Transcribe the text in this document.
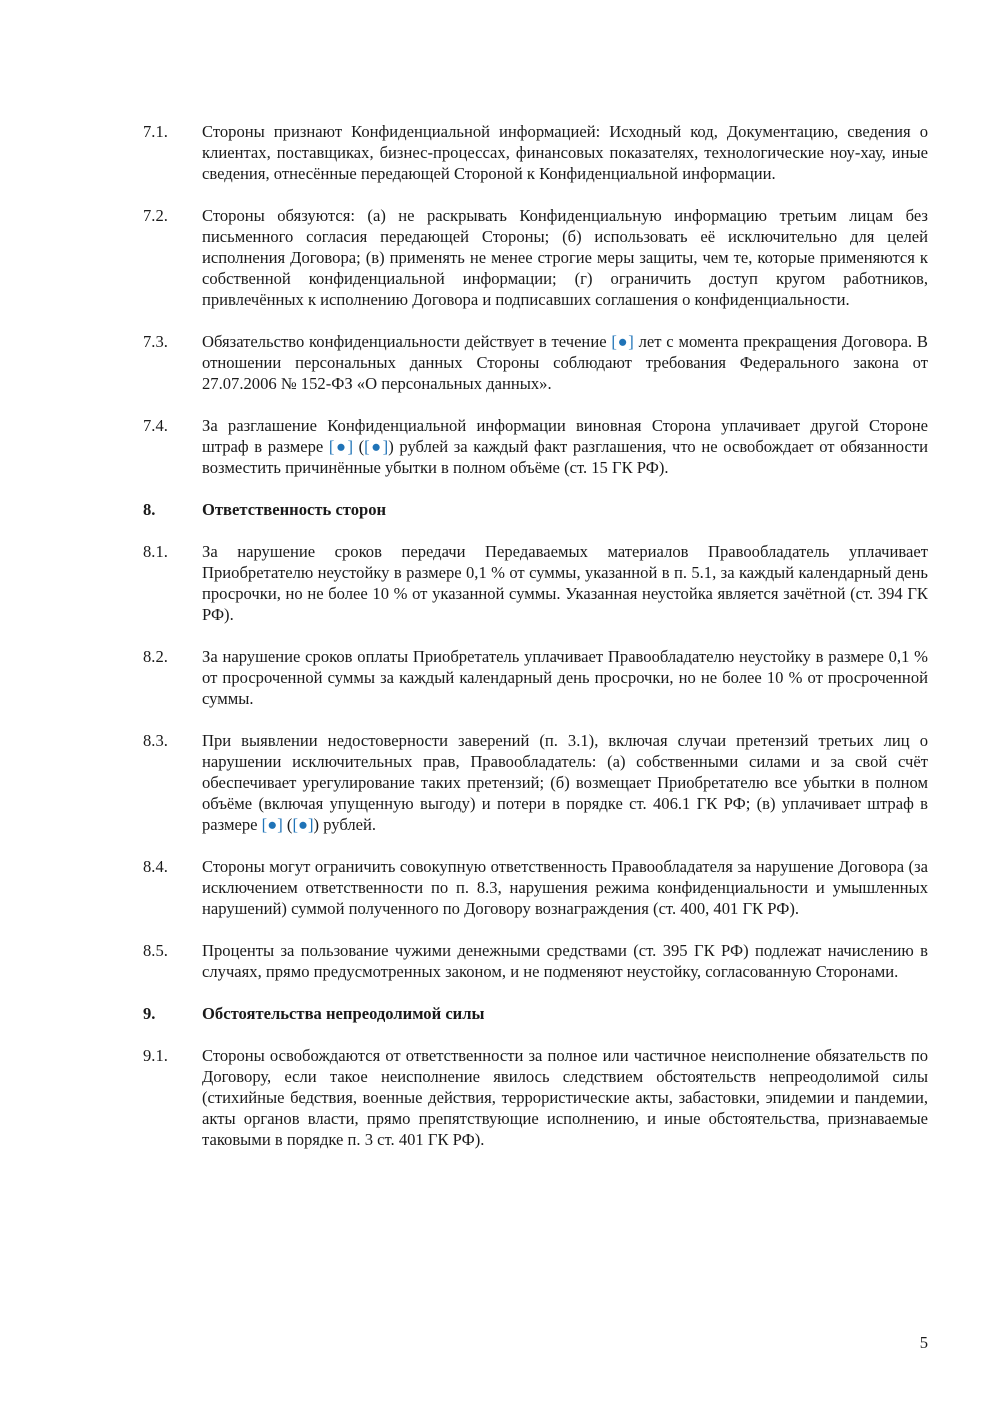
7.1.	Стороны признают Конфиденциальной информацией: Исходный код, Документацию, сведения о клиентах, поставщиках, бизнес-процессах, финансовых показателях, технологические ноу-хау, иные сведения, отнесённые передающей Стороной к Конфиденциальной информации.
7.2.	Стороны обязуются: (а) не раскрывать Конфиденциальную информацию третьим лицам без письменного согласия передающей Стороны; (б) использовать её исключительно для целей исполнения Договора; (в) применять не менее строгие меры защиты, чем те, которые применяются к собственной конфиденциальной информации; (г) ограничить доступ кругом работников, привлечённых к исполнению Договора и подписавших соглашения о конфиденциальности.
7.3.	Обязательство конфиденциальности действует в течение [●] лет с момента прекращения Договора. В отношении персональных данных Стороны соблюдают требования Федерального закона от 27.07.2006 № 152-ФЗ «О персональных данных».
7.4.	За разглашение Конфиденциальной информации виновная Сторона уплачивает другой Стороне штраф в размере [●] ([●]) рублей за каждый факт разглашения, что не освобождает от обязанности возместить причинённые убытки в полном объёме (ст. 15 ГК РФ).
8.	Ответственность сторон
8.1.	За нарушение сроков передачи Передаваемых материалов Правообладатель уплачивает Приобретателю неустойку в размере 0,1 % от суммы, указанной в п. 5.1, за каждый календарный день просрочки, но не более 10 % от указанной суммы. Указанная неустойка является зачётной (ст. 394 ГК РФ).
8.2.	За нарушение сроков оплаты Приобретатель уплачивает Правообладателю неустойку в размере 0,1 % от просроченной суммы за каждый календарный день просрочки, но не более 10 % от просроченной суммы.
8.3.	При выявлении недостоверности заверений (п. 3.1), включая случаи претензий третьих лиц о нарушении исключительных прав, Правообладатель: (а) собственными силами и за свой счёт обеспечивает урегулирование таких претензий; (б) возмещает Приобретателю все убытки в полном объёме (включая упущенную выгоду) и потери в порядке ст. 406.1 ГК РФ; (в) уплачивает штраф в размере [●] ([●]) рублей.
8.4.	Стороны могут ограничить совокупную ответственность Правообладателя за нарушение Договора (за исключением ответственности по п. 8.3, нарушения режима конфиденциальности и умышленных нарушений) суммой полученного по Договору вознаграждения (ст. 400, 401 ГК РФ).
8.5.	Проценты за пользование чужими денежными средствами (ст. 395 ГК РФ) подлежат начислению в случаях, прямо предусмотренных законом, и не подменяют неустойку, согласованную Сторонами.
9.	Обстоятельства непреодолимой силы
9.1.	Стороны освобождаются от ответственности за полное или частичное неисполнение обязательств по Договору, если такое неисполнение явилось следствием обстоятельств непреодолимой силы (стихийные бедствия, военные действия, террористические акты, забастовки, эпидемии и пандемии, акты органов власти, прямо препятствующие исполнению, и иные обстоятельства, признаваемые таковыми в порядке п. 3 ст. 401 ГК РФ).
5
